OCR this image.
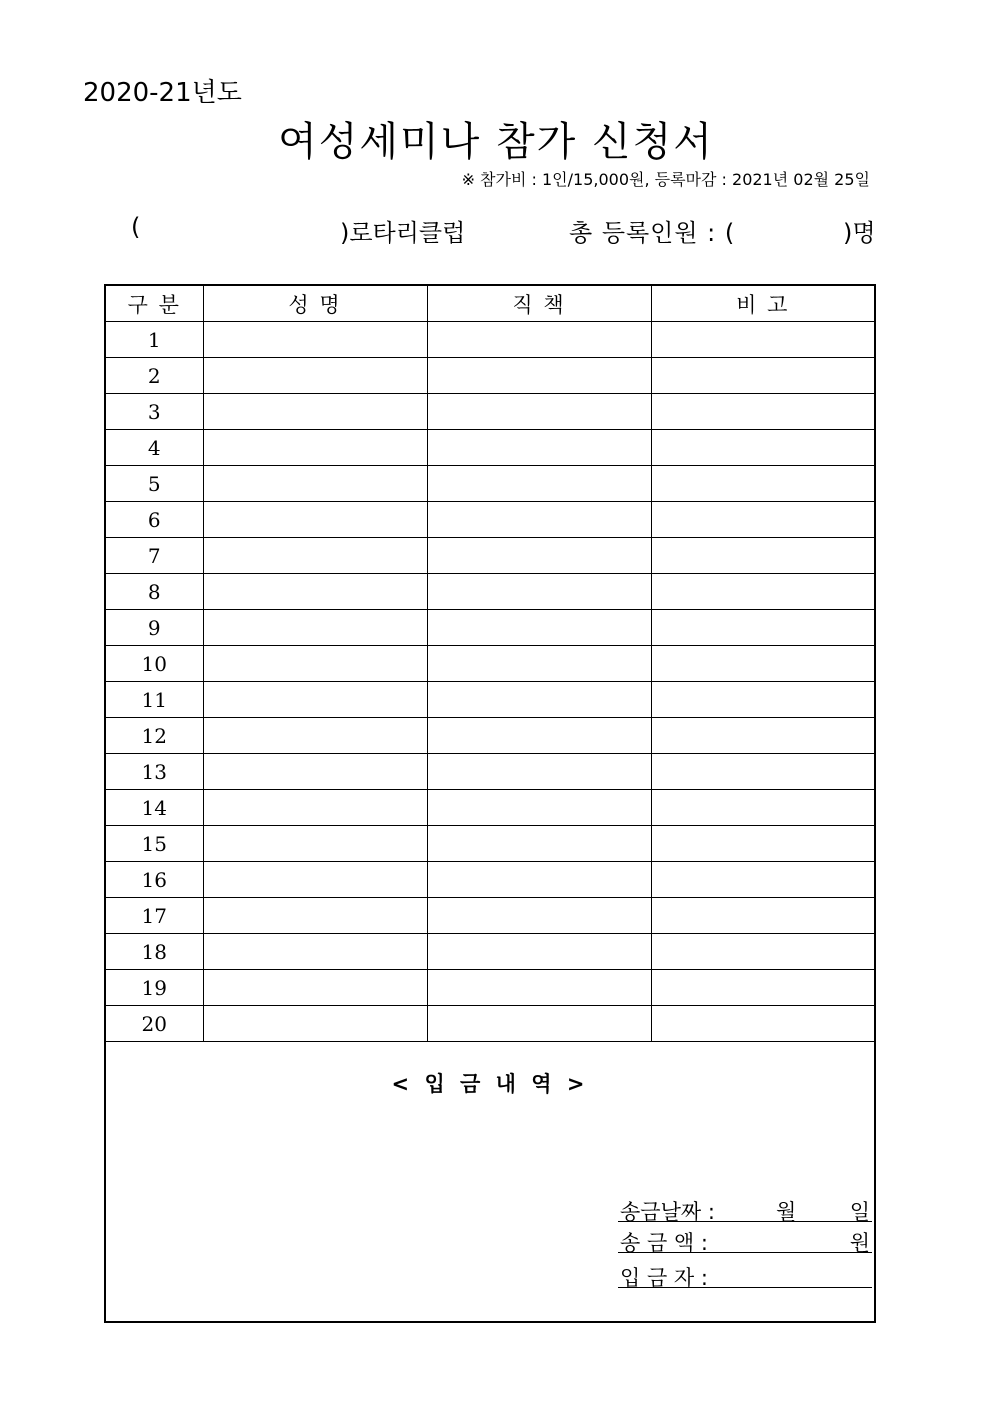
2020-21년도
여성세미나 참가 신청서
※ 참가비 : 1인/15,000원, 등록마감 : 2021년 02월 25일
(	)로타리클럽	총 등록인원 : (	)명
구 분	성 명	직 책	비 고
1			
2			
3			
4			
5			
6			
7			
8			
9			
10			
11			
12			
13			
14			
15			
16			
17			
18			
19			
20			
< 입 금 내 역 >
송금날짜 :	월	일
송 금 액 :	원
입 금 자 :
